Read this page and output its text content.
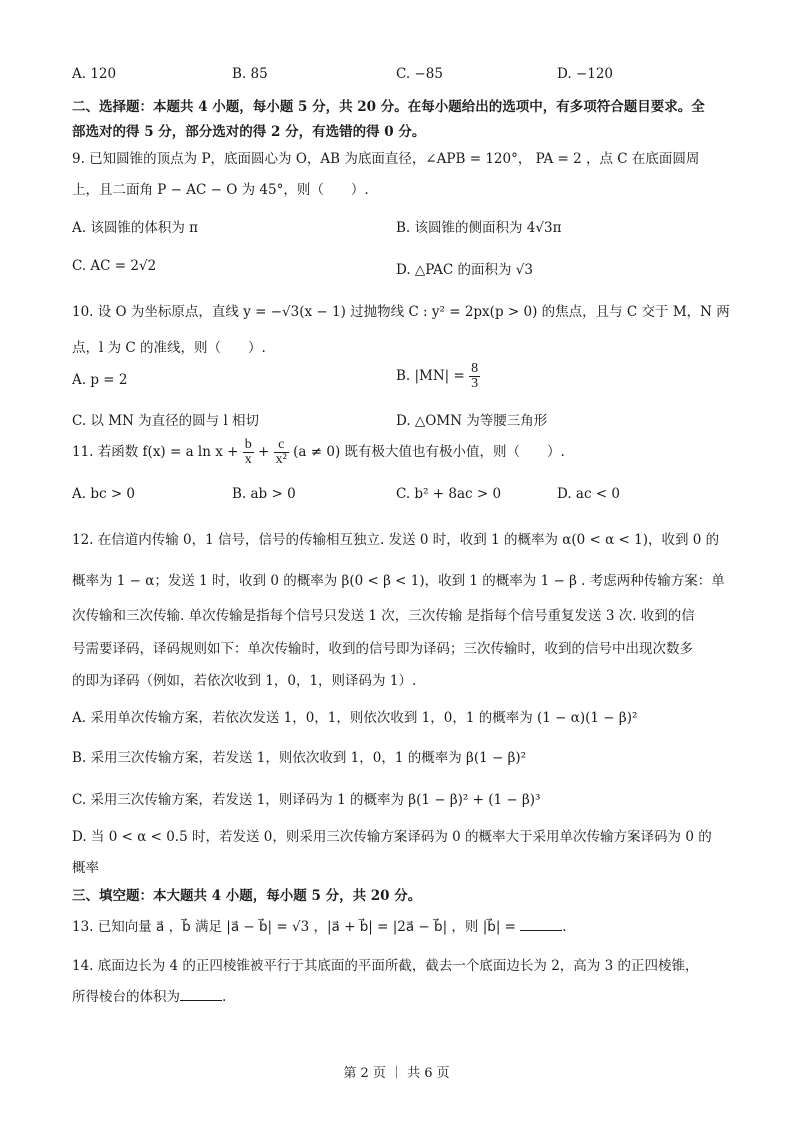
A. 120	B. 85	C. −85	D. −120
二、选择题：本题共 4 小题，每小题 5 分，共 20 分。在每小题给出的选项中，有多项符合题目要求。全
部选对的得 5 分，部分选对的得 2 分，有选错的得 0 分。
9. 已知圆锥的顶点为 P，底面圆心为 O，AB 为底面直径，∠APB = 120°， PA = 2 ，点 C 在底面圆周
上，且二面角 P − AC − O 为 45°，则（　　）.
A. 该圆锥的体积为 π	B. 该圆锥的侧面积为 4√3π
C. AC = 2√2	D. △PAC 的面积为 √3
10. 设 O 为坐标原点，直线 y = −√3(x − 1) 过抛物线 C : y² = 2px(p > 0) 的焦点，且与 C 交于 M，N 两
点，l 为 C 的准线，则（　　）.
A. p = 2	B. $|MN| = \frac{8}{3}$
C. 以 MN 为直径的圆与 l 相切	D. △OMN 为等腰三角形
11. 若函数 f(x) = a $\ln x + \frac{b}{x} + \frac{c}{\text{x²}} (a \ne 0)$ 既有极大值也有极小值，则（　　）.
A. bc > 0	B. ab > 0	C. b² + 8ac > 0	D. ac < 0
12. 在信道内传输 0，1 信号，信号的传输相互独立. 发送 0 时，收到 1 的概率为 α(0 < α < 1)，收到 0 的
概率为 1 − α；发送 1 时，收到 0 的概率为 β(0 < β < 1)，收到 1 的概率为 1 − β . 考虑两种传输方案：单
次传输和三次传输. 单次传输是指每个信号只发送 1 次，三次传输 是指每个信号重复发送 3 次. 收到的信
号需要译码，译码规则如下：单次传输时，收到的信号即为译码；三次传输时，收到的信号中出现次数多
的即为译码（例如，若依次收到 1，0，1，则译码为 1）.
A. 采用单次传输方案，若依次发送 1，0，1，则依次收到 1，0，1 的概率为 (1 − α)(1 − β)²
B. 采用三次传输方案，若发送 1，则依次收到 1，0，1 的概率为 β(1 − β)²
C. 采用三次传输方案，若发送 1，则译码为 1 的概率为 β(1 − β)² + (1 − β)³
D. 当 0 < α < 0.5 时，若发送 0，则采用三次传输方案译码为 0 的概率大于采用单次传输方案译码为 0 的
概率
三、填空题：本大题共 4 小题，每小题 5 分，共 20 分。
13. 已知向量 a⃗ ，b⃗ 满足 |a⃗ − b⃗| = √3 ，|a⃗ + b⃗| = |2a⃗ − b⃗| ，则 |b⃗| =	.
14. 底面边长为 4 的正四棱锥被平行于其底面的平面所截，截去一个底面边长为 2，高为 3 的正四棱锥，
所得棱台的体积为	.
第 2 页 ｜ 共 6 页
